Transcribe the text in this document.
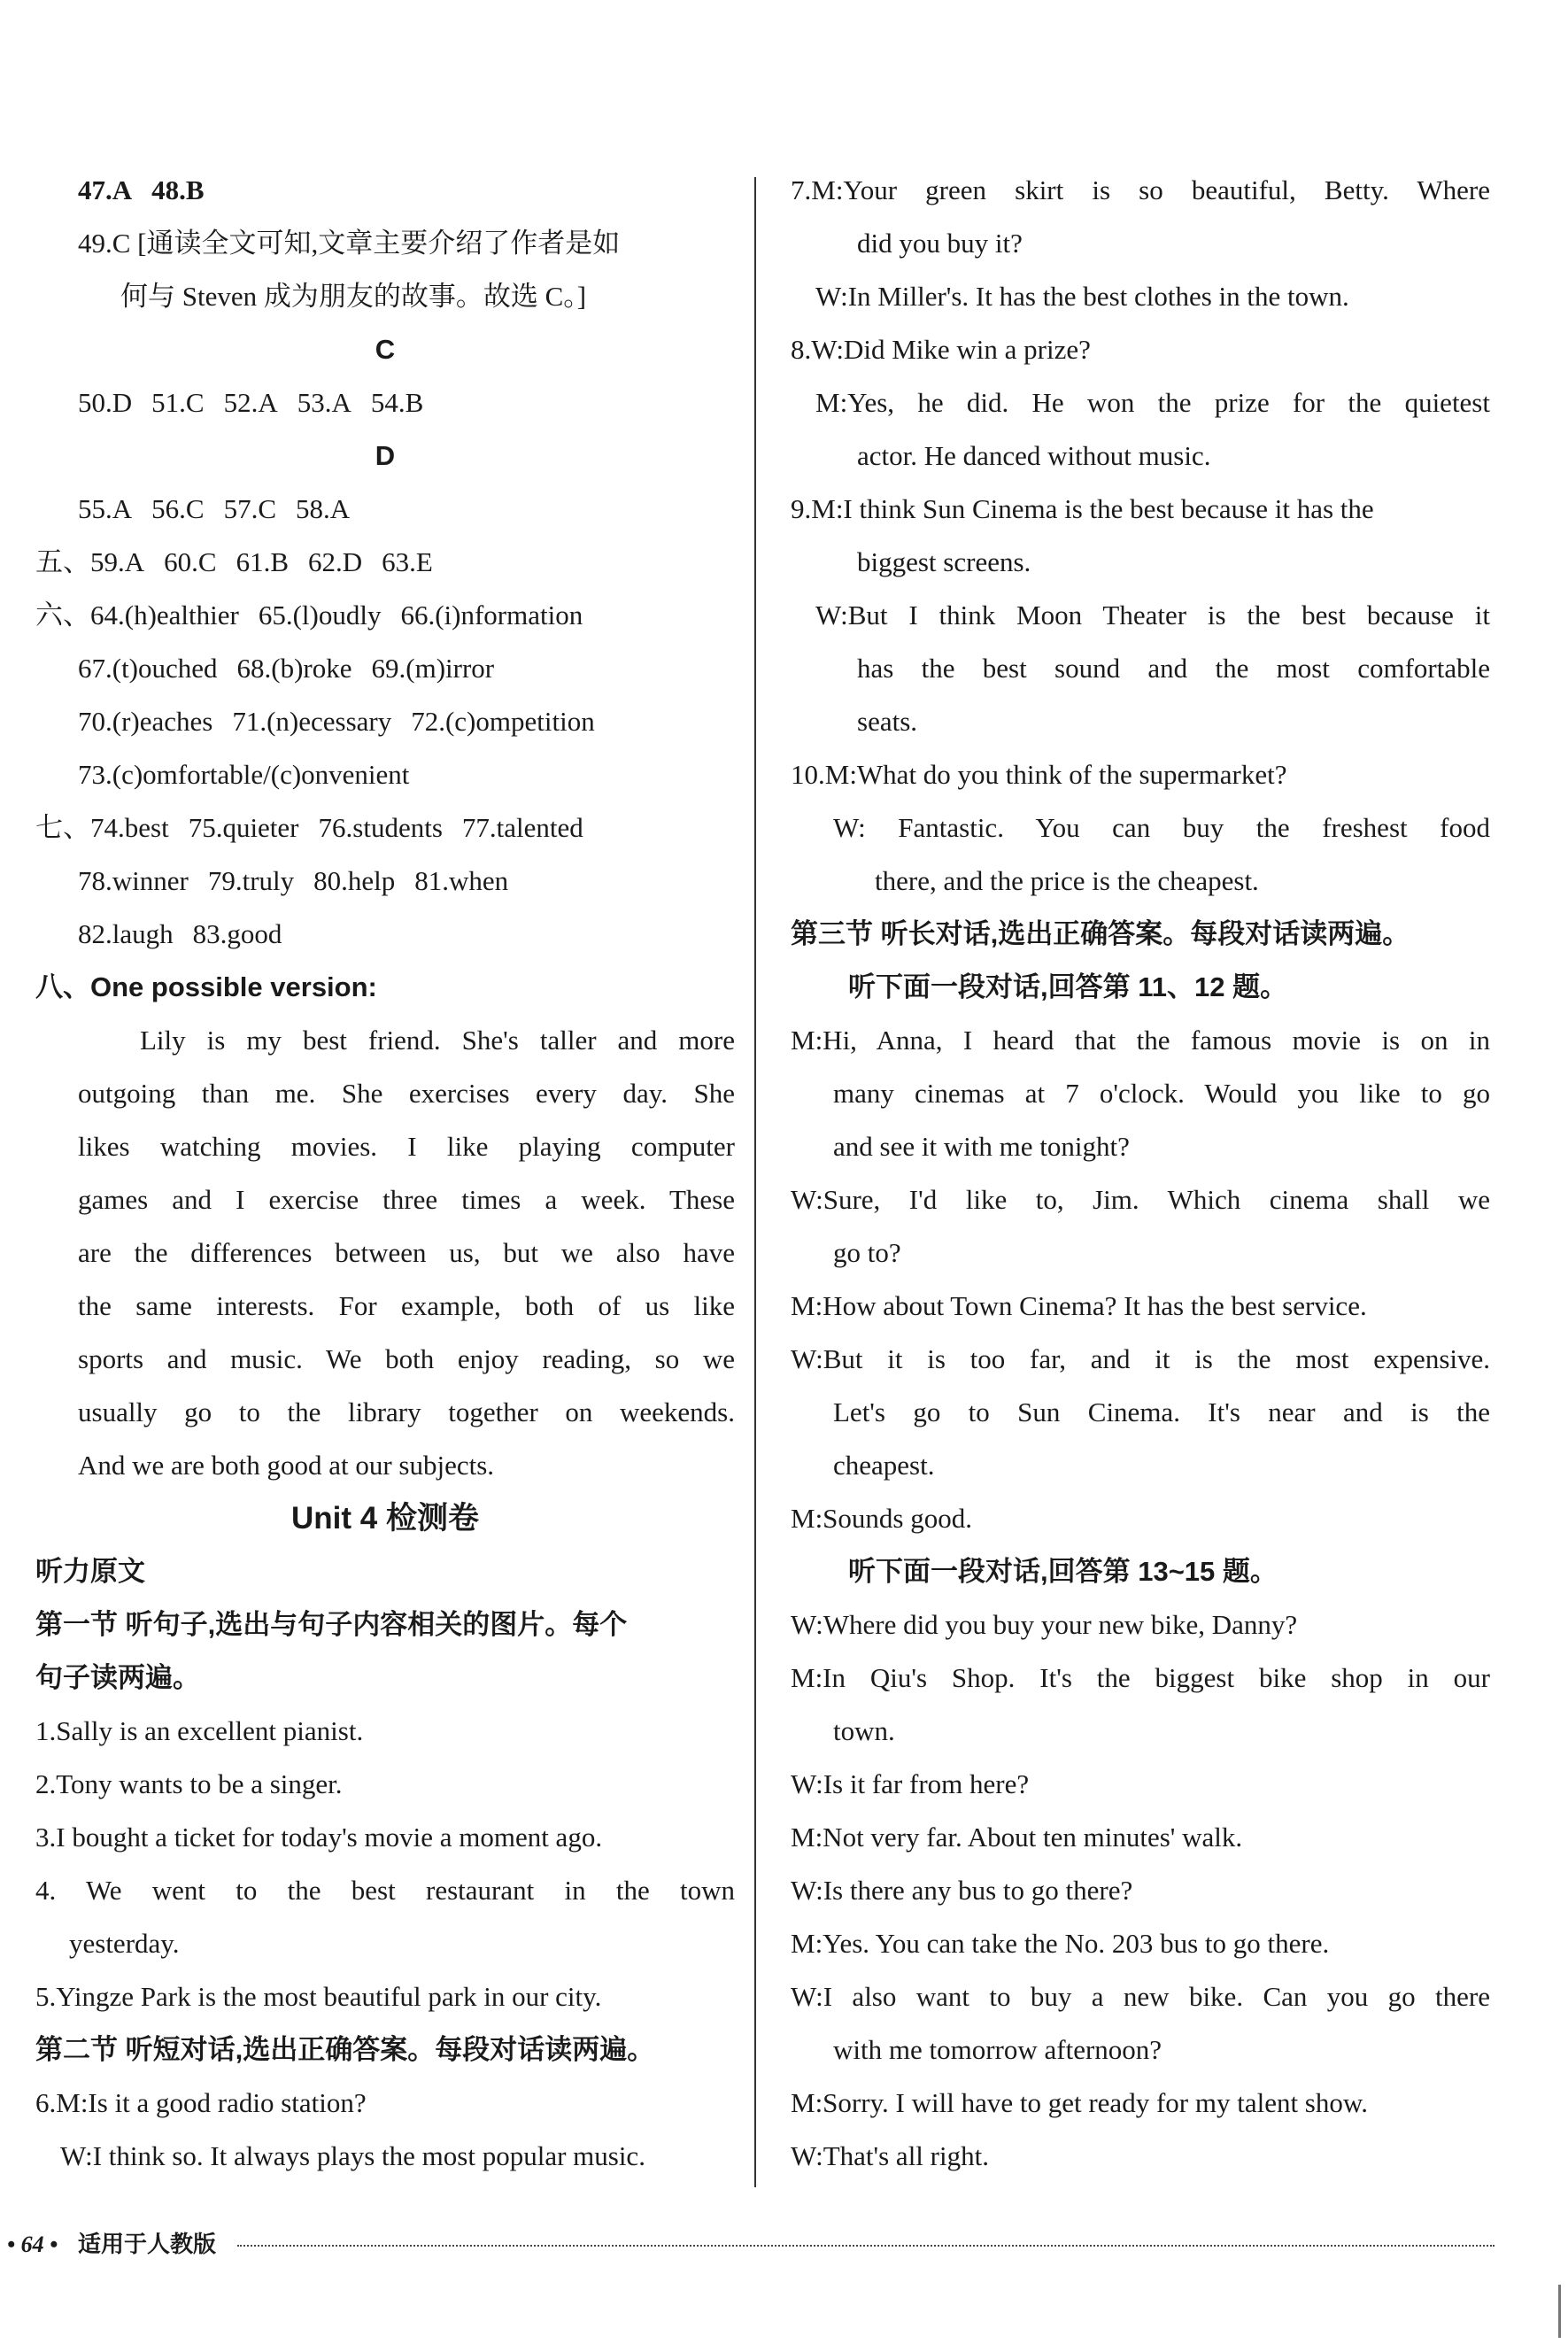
47.A 48.B
49.C [通读全文可知,文章主要介绍了作者是如
何与 Steven 成为朋友的故事。故选 C。]
C
50.D 51.C 52.A 53.A 54.B
D
55.A 56.C 57.C 58.A
五、59.A 60.C 61.B 62.D 63.E
六、64.(h)ealthier 65.(l)oudly 66.(i)nformation
67.(t)ouched 68.(b)roke 69.(m)irror
70.(r)eaches 71.(n)ecessary 72.(c)ompetition
73.(c)omfortable/(c)onvenient
七、74.best 75.quieter 76.students 77.talented
78.winner 79.truly 80.help 81.when
82.laugh 83.good
八、One possible version:
Lily is my best friend. She's taller and more
outgoing than me. She exercises every day. She
likes watching movies. I like playing computer
games and I exercise three times a week. These
are the differences between us, but we also have
the same interests. For example, both of us like
sports and music. We both enjoy reading, so we
usually go to the library together on weekends.
And we are both good at our subjects.
Unit 4 检测卷
听力原文
第一节 听句子,选出与句子内容相关的图片。每个
句子读两遍。
1.Sally is an excellent pianist.
2.Tony wants to be a singer.
3.I bought a ticket for today's movie a moment ago.
4. We went to the best restaurant in the town
yesterday.
5.Yingze Park is the most beautiful park in our city.
第二节 听短对话,选出正确答案。每段对话读两遍。
6.M:Is it a good radio station?
W:I think so. It always plays the most popular music.
7.M:Your green skirt is so beautiful, Betty. Where
did you buy it?
W:In Miller's. It has the best clothes in the town.
8.W:Did Mike win a prize?
M:Yes, he did. He won the prize for the quietest
actor. He danced without music.
9.M:I think Sun Cinema is the best because it has the
biggest screens.
W:But I think Moon Theater is the best because it
has the best sound and the most comfortable
seats.
10.M:What do you think of the supermarket?
W: Fantastic. You can buy the freshest food
there, and the price is the cheapest.
第三节 听长对话,选出正确答案。每段对话读两遍。
听下面一段对话,回答第 11、12 题。
M:Hi, Anna, I heard that the famous movie is on in
many cinemas at 7 o'clock. Would you like to go
and see it with me tonight?
W:Sure, I'd like to, Jim. Which cinema shall we
go to?
M:How about Town Cinema? It has the best service.
W:But it is too far, and it is the most expensive.
Let's go to Sun Cinema. It's near and is the
cheapest.
M:Sounds good.
听下面一段对话,回答第 13~15 题。
W:Where did you buy your new bike, Danny?
M:In Qiu's Shop. It's the biggest bike shop in our
town.
W:Is it far from here?
M:Not very far. About ten minutes' walk.
W:Is there any bus to go there?
M:Yes. You can take the No. 203 bus to go there.
W:I also want to buy a new bike. Can you go there
with me tomorrow afternoon?
M:Sorry. I will have to get ready for my talent show.
W:That's all right.
• 64 • 适用于人教版
